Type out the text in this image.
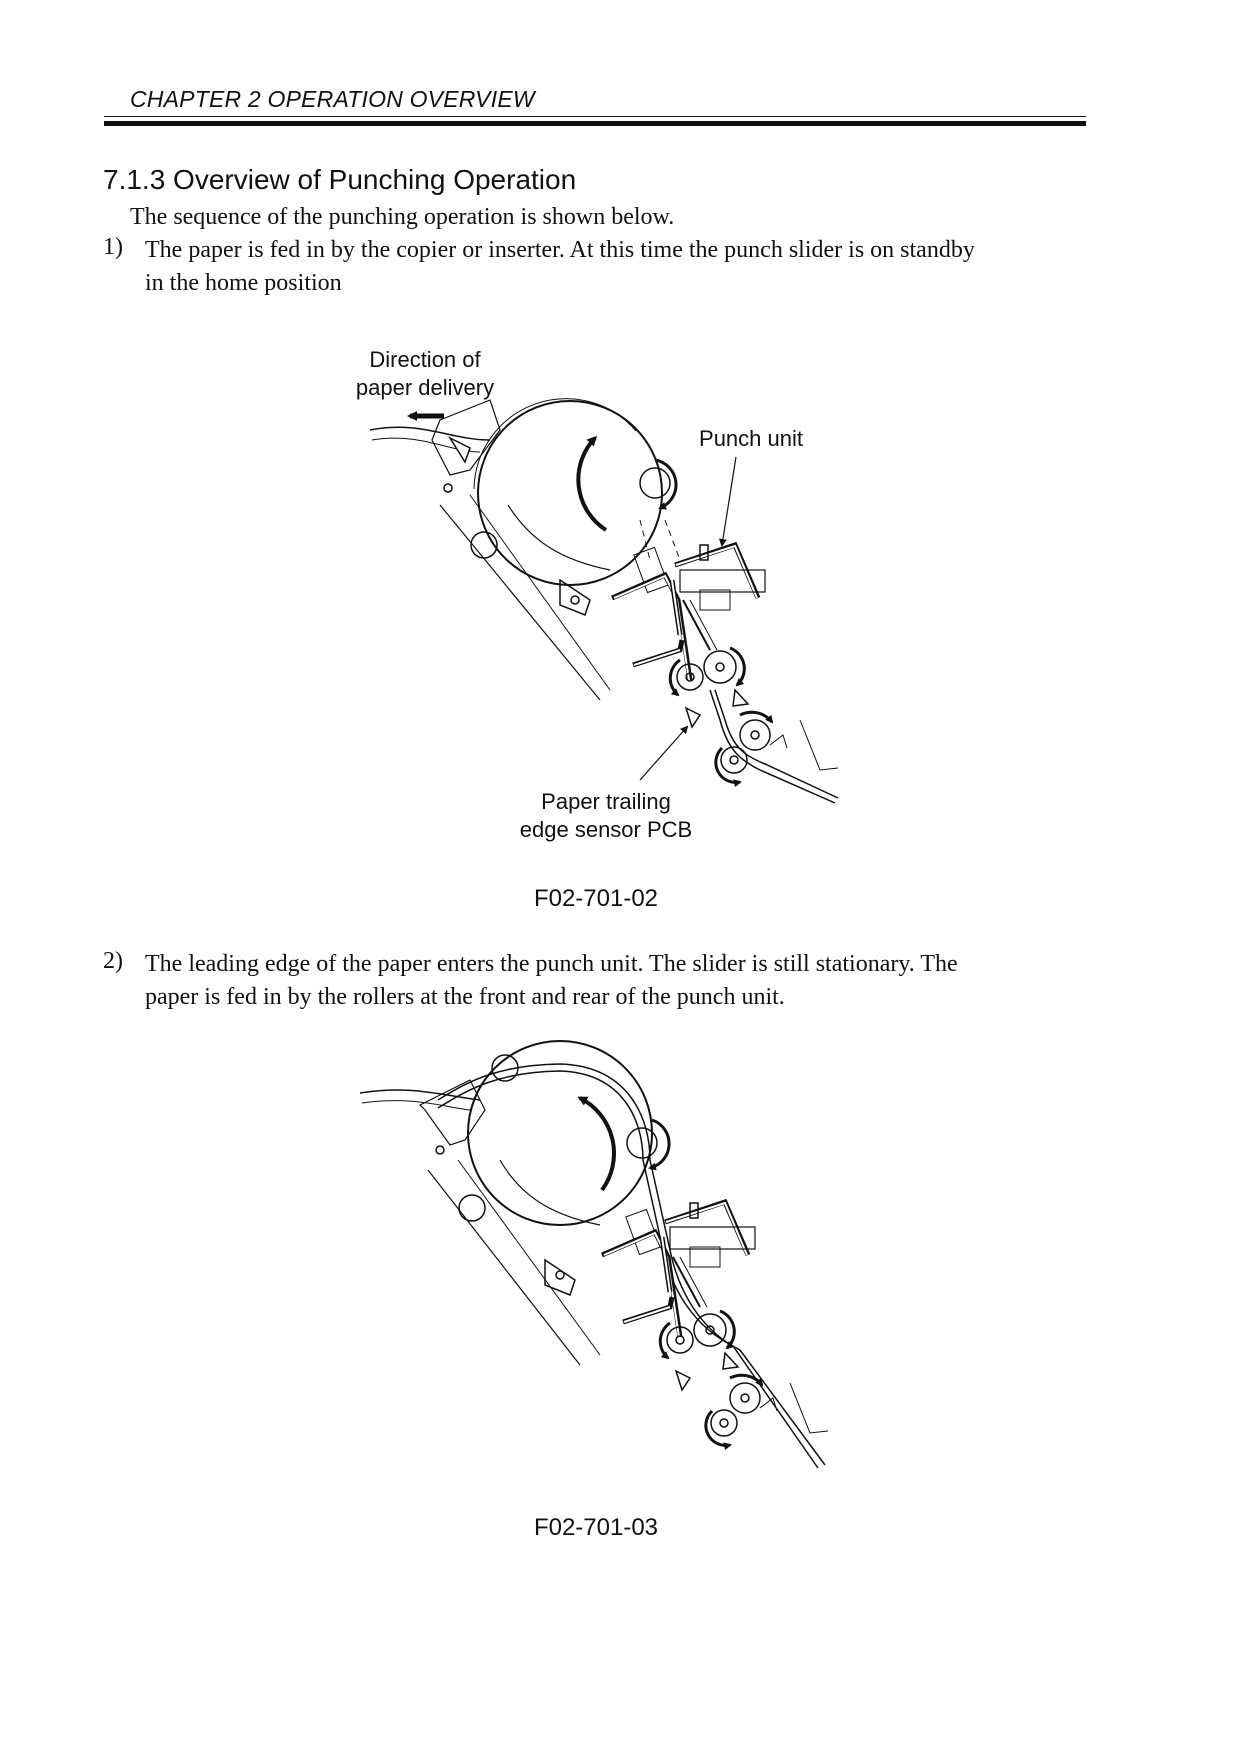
CHAPTER 2 OPERATION OVERVIEW
7.1.3 Overview of Punching Operation
The sequence of the punching operation is shown below.
1) The paper is fed in by the copier or inserter. At this time the punch slider is on standby
in the home position
2) The leading edge of the paper enters the punch unit. The slider is still stationary. The
paper is fed in by the rollers at the front and rear of the punch unit.
Direction of
paper delivery
Punch unit
Paper trailing
edge sensor PCB
F02-701-02
F02-701-03
